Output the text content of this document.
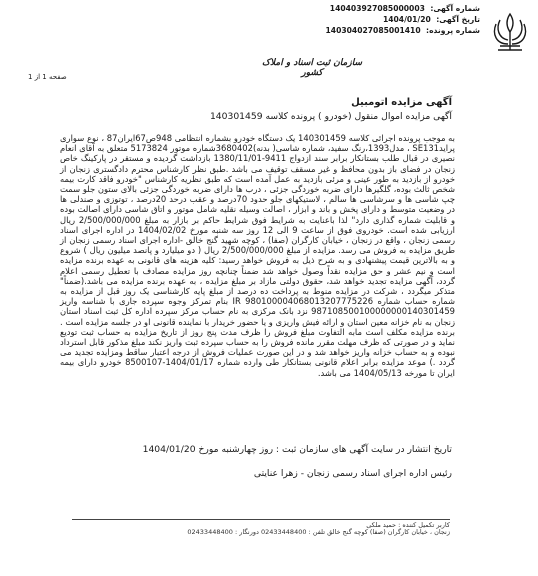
شماره آگهی: 140403927085000003
تاریخ آگهی: 1404/01/20
شماره پرونده: 140304027085001410
سازمان ثبت اسناد و املاک کشور
صفحه 1 از 1
آگهی مزایده اتومبیل
آگهی مزایده اموال منقول (خودرو ) پرونده کلاسه 140301459

به موجب پرونده اجرائی کلاسه 140301459 یک دستگاه خودرو بشماره انتظامی 948ص67ایران87 ، نوع سواری پرایدSE131 ، مدل1393،رنگ سفید، شماره شاسی( بدنه)3680402شماره موتور 5173824 متعلق به آقای انعام نصیری در قبال طلب بستانکار برابر سند ازدواج 9411-1380/11/01 بازداشت گردیده و مستقر در پارکینگ خاص زنجان در فضای باز بدون محافظ و غیر مسقف توقیف می باشد .طبق نظر کارشناس محترم دادگستری زنجان از خودرو از بازدید به طور عینی و مرئی بازدید به عمل آمده است که طبق نظریه کارشناس "خودرو فاقد کارت بیمه شخص ثالث بوده، گلگیرها دارای ضربه خوردگی جزئی ، درب ها دارای ضربه خوردگی جزئی بالای ستون جلو سمت چپ شاسی ها و سرشاسی ها سالم ، لاستیکهای جلو حدود 70درصد و عقب درحد 20درصد ، توتوزی و صندلی ها در وضعیت متوسط و دارای پخش و باند و ابزار ، اصالت وسیله نقلیه شامل موتور و اتاق شاسی دارای اصالت بوده و قابلیت شماره گذاری دارد" لذا باعنایت به شرایط فوق شرایط حاکم بر بازار به مبلغ 2/500/000/000 ریال ارزیابی شده است. خودروی فوق از ساعت 9 الی 12 روز سه شنبه مورخ 1404/02/02 در اداره اجرای اسناد رسمی زنجان ، واقع در زنجان ، خیابان کارگران (صفا) ، کوچه شهید گنج خالق -اداره اجرای اسناد رسمی زنجان از طریق مزایده به فروش می رسد. مزایده از مبلغ 2/500/000/000 ریال ( دو میلیارد و پانصد میلیون ریال ) شروع و به بالاترین قیمت پیشنهادی و به شرح ذیل به فروش خواهد رسید: کلیه هزینه های قانونی به عهده برنده مزایده است و نیم عشر و حق مزایده نقداً وصول خواهد شد ضمناً چنانچه روز مزایده مصادف با تعطیل رسمی اعلام گردد، آگهی مزایده تجدید خواهد شد، حقوق دولتی مازاد بر مبلغ مزایده ، به عهده برنده مزایده می باشد.(ضمناً" متذکر میگردد ، شرکت در مزایده منوط به پرداخت ده درصد از مبلغ پایه کارشناسی یک روز قبل از مزایده به شماره حساب شماره IR 980100004068013207775226 بنام تمرکز وجوه سپرده جاری با شناسه واریز 987108500100000000140301459 نزد بانک مرکزی به نام حساب مرکز سپرده اداره کل ثبت اسناد استان زنجان به نام خزانه معین استان و ارائه فیش واریزی و یا حضور خریدار با نماینده قانونی او در جلسه مزایده است . برنده مزایده مکلف است مابه التفاوت مبلغ فروش را ظرف مدت پنج روز از تاریخ مزایده به حساب ثبت تودیع نماید و در صورتی که ظرف مهلت مقرر مانده فروش را به حساب سپرده ثبت واریز نکند مبلغ مذکور قابل استرداد نبوده و به حساب خزانه واریز خواهد شد و در این صورت عملیات فروش از درجه اعتبار ساقط ومزایده تجدید می گردد .) موعد مزایده برابر اعلام قانونی بستانکار طی وارده شماره 1404/01/17-8500107 خودرو دارای بیمه ایران تا مورخه 1404/05/13 می باشد.

تاریخ انتشار در سایت آگهی های سازمان ثبت : روز چهارشنبه مورخ 1404/01/20
رئیس اداره اجرای اسناد رسمی زنجان - زهرا عنایتی
کاربر تکمیل کننده : حمید ملکی
زنجان ، خیابان کارگران (صفا) کوچه گنج خالق تلفن : 02433448400 دورنگار : 02433448400
